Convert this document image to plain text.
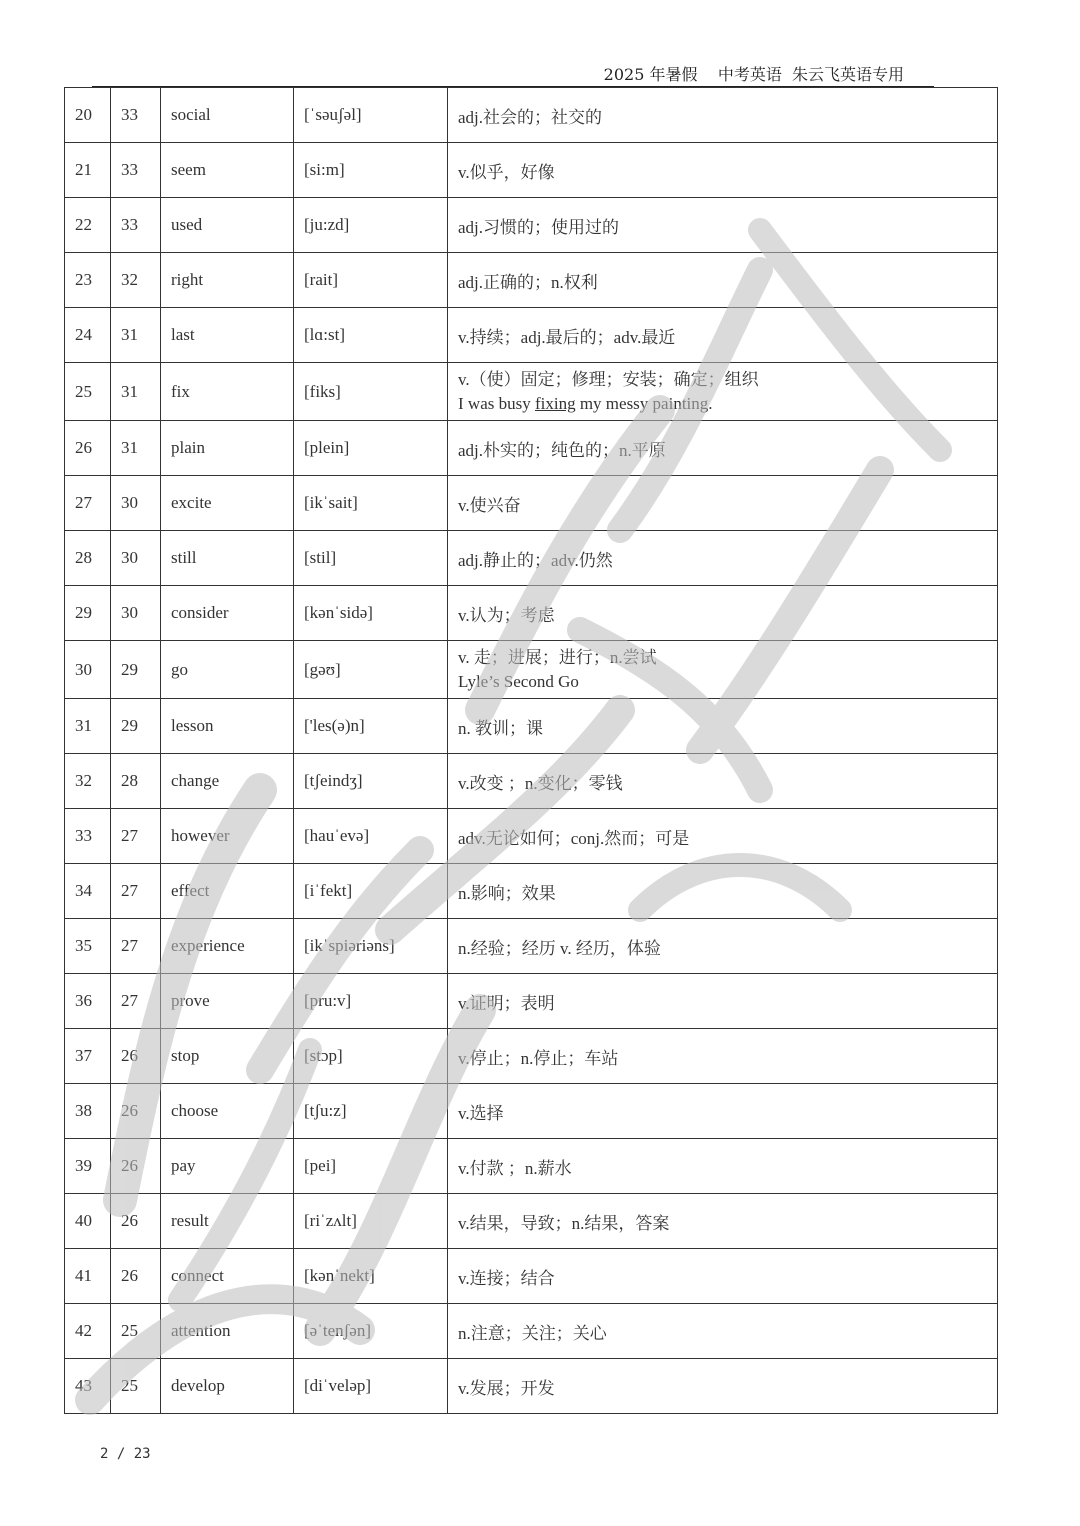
2025 年暑假    中考英语  朱云飞英语专用
20	33	social	[ˈsəuʃəl]	adj.社会的；社交的
21	33	seem	[si:m]	v.似乎，好像
22	33	used	[ju:zd]	adj.习惯的；使用过的
23	32	right	[rait]	adj.正确的；n.权利
24	31	last	[lɑ:st]	v.持续；adj.最后的；adv.最近
25	31	fix	[fiks]	v.（使）固定；修理；安装；确定；组织
I was busy fixing my messy painting.

26	31	plain	[plein]	adj.朴实的；纯色的；n.平原
27	30	excite	[ikˈsait]	v.使兴奋
28	30	still	[stil]	adj.静止的；adv.仍然
29	30	consider	[kənˈsidə]	v.认为；考虑
30	29	go	[gəʊ]	v. 走；进展；进行；n.尝试
Lyle’s Second Go

31	29	lesson	['les(ə)n]	n. 教训；课
32	28	change	[tʃeindʒ]	v.改变 ；n.变化；零钱
33	27	however	[hauˈevə]	adv.无论如何；conj.然而；可是
34	27	effect	[iˈfekt]	n.影响；效果
35	27	experience	[ikˈspiəriəns]	n.经验；经历 v. 经历，体验
36	27	prove	[pru:v]	v.证明；表明
37	26	stop	[stɔp]	v.停止；n.停止；车站
38	26	choose	[tʃu:z]	v.选择
39	26	pay	[pei]	v.付款 ；n.薪水
40	26	result	[riˈzʌlt]	v.结果，导致；n.结果，答案
41	26	connect	[kənˈnekt]	v.连接；结合
42	25	attention	[əˈtenʃən]	n.注意；关注；关心
43	25	develop	[diˈveləp]	v.发展；开发
2 / 23
